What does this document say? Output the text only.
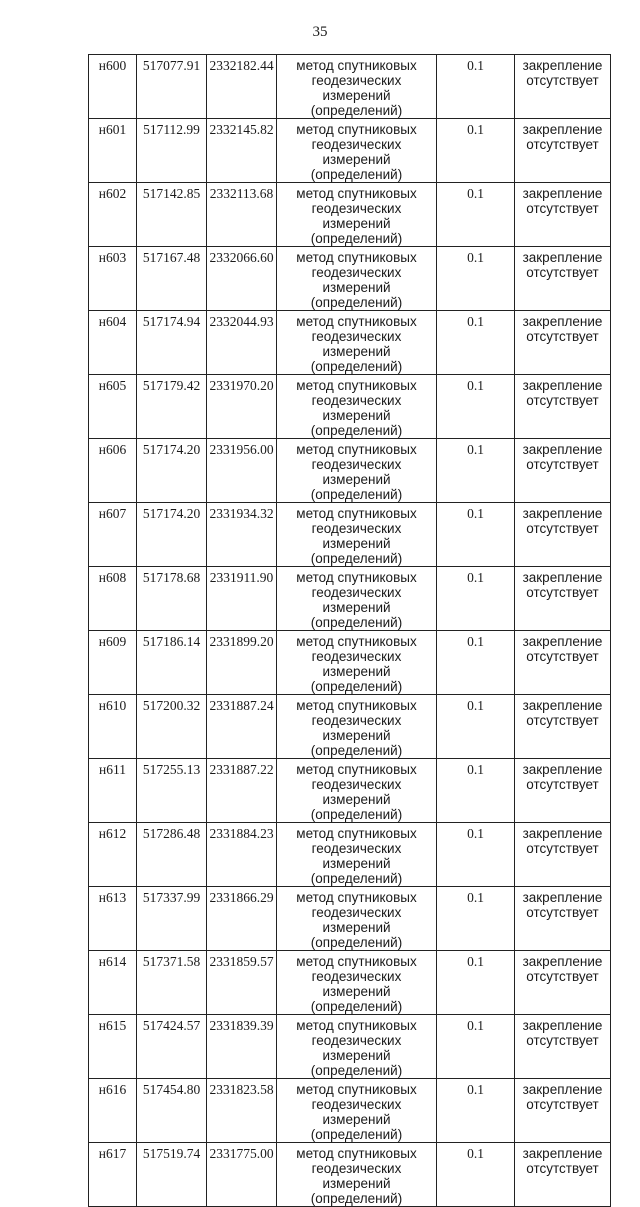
35
н600	517077.91	2332182.44	метод спутниковых
геодезических измерений
(определений)	0.1	закрепление
отсутствует

н601	517112.99	2332145.82	метод спутниковых
геодезических измерений
(определений)	0.1	закрепление
отсутствует

н602	517142.85	2332113.68	метод спутниковых
геодезических измерений
(определений)	0.1	закрепление
отсутствует

н603	517167.48	2332066.60	метод спутниковых
геодезических измерений
(определений)	0.1	закрепление
отсутствует

н604	517174.94	2332044.93	метод спутниковых
геодезических измерений
(определений)	0.1	закрепление
отсутствует

н605	517179.42	2331970.20	метод спутниковых
геодезических измерений
(определений)	0.1	закрепление
отсутствует

н606	517174.20	2331956.00	метод спутниковых
геодезических измерений
(определений)	0.1	закрепление
отсутствует

н607	517174.20	2331934.32	метод спутниковых
геодезических измерений
(определений)	0.1	закрепление
отсутствует

н608	517178.68	2331911.90	метод спутниковых
геодезических измерений
(определений)	0.1	закрепление
отсутствует

н609	517186.14	2331899.20	метод спутниковых
геодезических измерений
(определений)	0.1	закрепление
отсутствует

н610	517200.32	2331887.24	метод спутниковых
геодезических измерений
(определений)	0.1	закрепление
отсутствует

н611	517255.13	2331887.22	метод спутниковых
геодезических измерений
(определений)	0.1	закрепление
отсутствует

н612	517286.48	2331884.23	метод спутниковых
геодезических измерений
(определений)	0.1	закрепление
отсутствует

н613	517337.99	2331866.29	метод спутниковых
геодезических измерений
(определений)	0.1	закрепление
отсутствует

н614	517371.58	2331859.57	метод спутниковых
геодезических измерений
(определений)	0.1	закрепление
отсутствует

н615	517424.57	2331839.39	метод спутниковых
геодезических измерений
(определений)	0.1	закрепление
отсутствует

н616	517454.80	2331823.58	метод спутниковых
геодезических измерений
(определений)	0.1	закрепление
отсутствует

н617	517519.74	2331775.00	метод спутниковых
геодезических измерений
(определений)	0.1	закрепление
отсутствует
